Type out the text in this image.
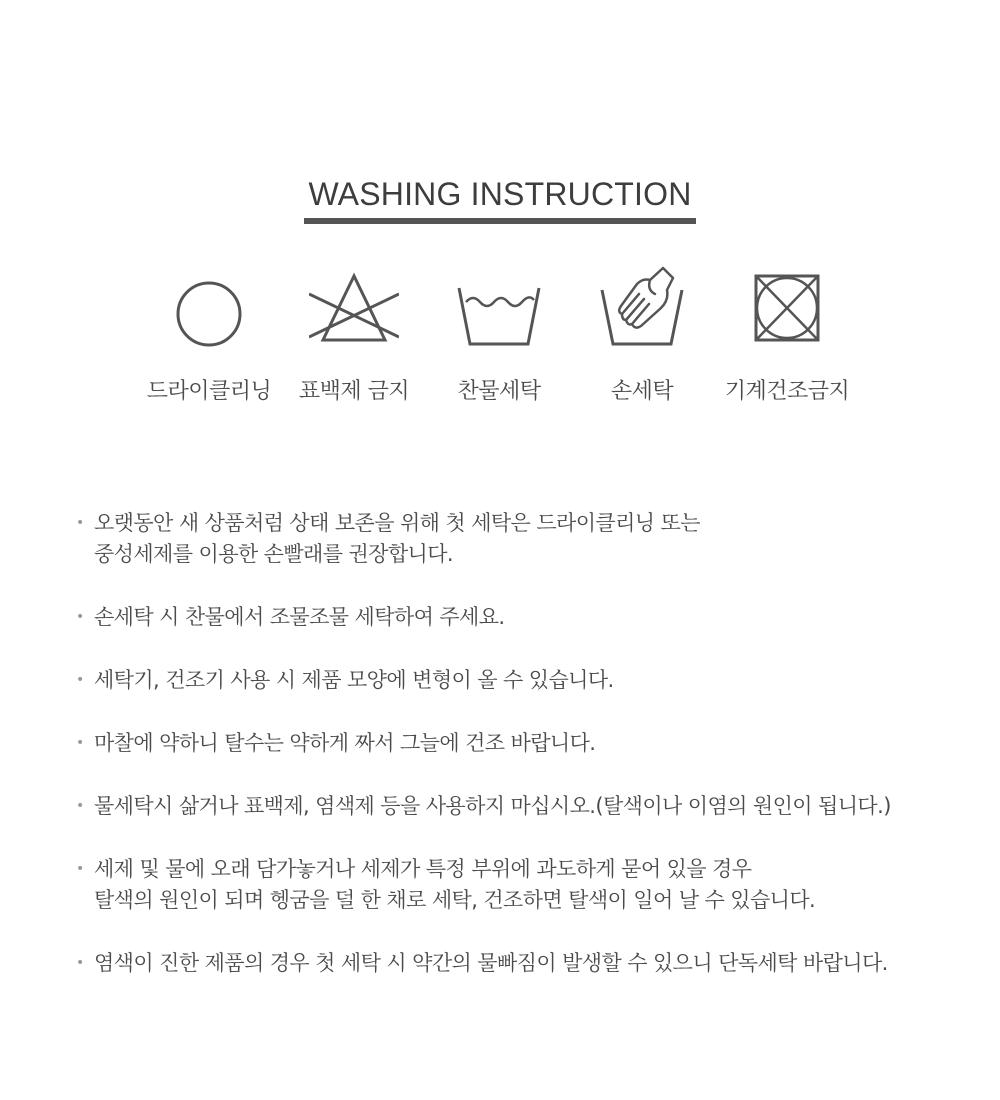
WASHING INSTRUCTION
드라이클리닝	표백제 금지	찬물세탁	손세탁	기계건조금지
• 오랫동안 새 상품처럼 상태 보존을 위해 첫 세탁은 드라이클리닝 또는
중성세제를 이용한 손빨래를 권장합니다.
• 손세탁 시 찬물에서 조물조물 세탁하여 주세요.
• 세탁기, 건조기 사용 시 제품 모양에 변형이 올 수 있습니다.
• 마찰에 약하니 탈수는 약하게 짜서 그늘에 건조 바랍니다.
• 물세탁시 삶거나 표백제, 염색제 등을 사용하지 마십시오.(탈색이나 이염의 원인이 됩니다.)
• 세제 및 물에 오래 담가놓거나 세제가 특정 부위에 과도하게 묻어 있을 경우
탈색의 원인이 되며 헹굼을 덜 한 채로 세탁, 건조하면 탈색이 일어 날 수 있습니다.
• 염색이 진한 제품의 경우 첫 세탁 시 약간의 물빠짐이 발생할 수 있으니 단독세탁 바랍니다.
